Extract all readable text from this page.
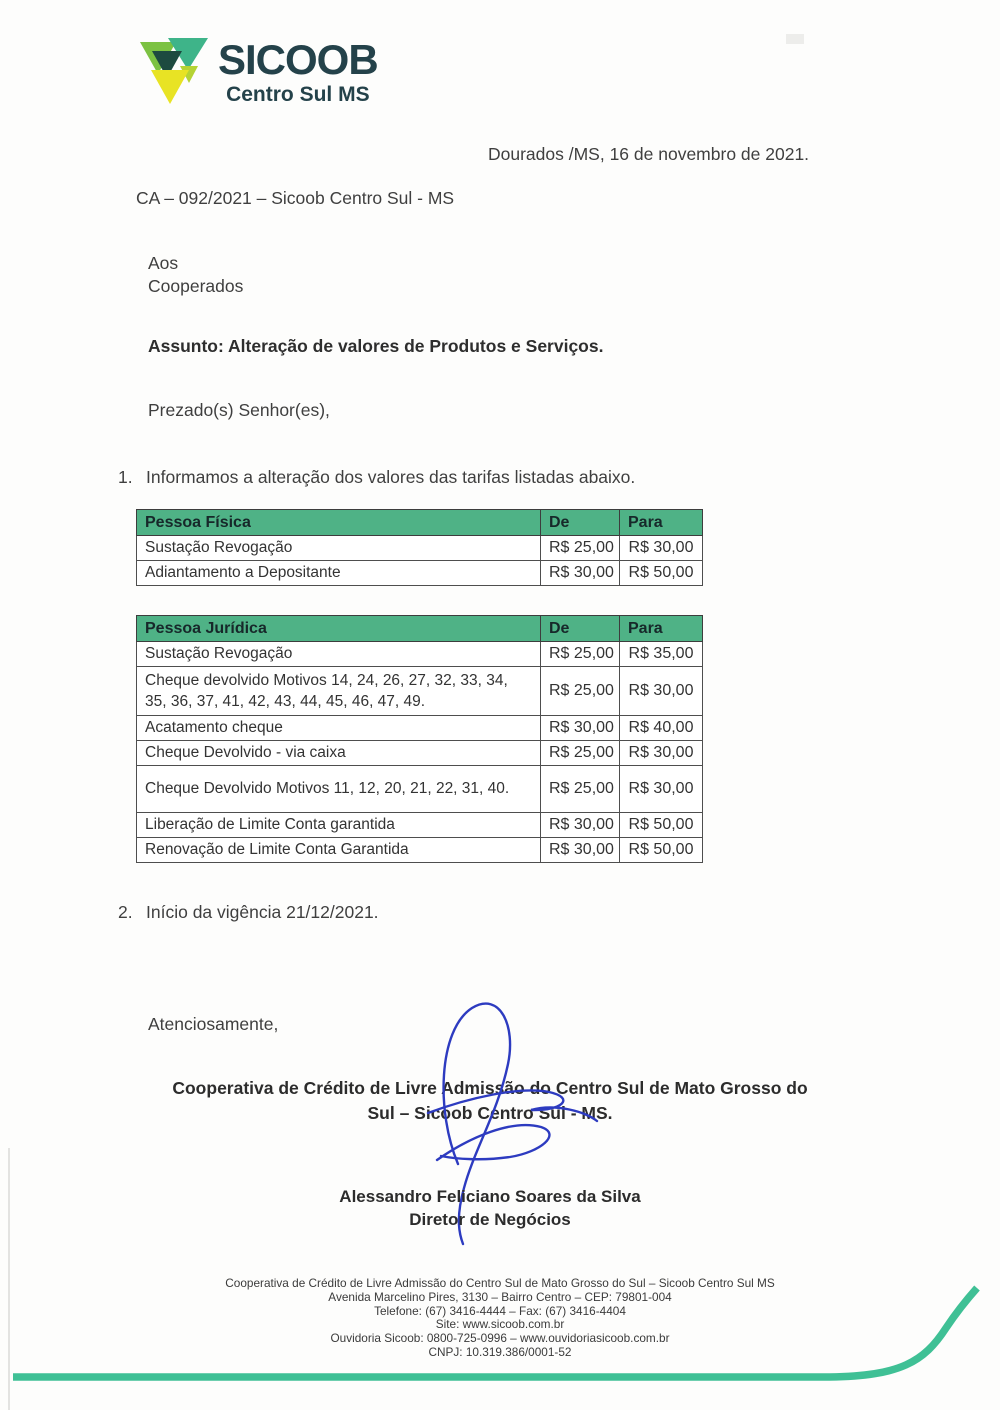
SICOOB
Centro Sul MS
Dourados /MS, 16 de novembro de 2021.
CA – 092/2021 – Sicoob Centro Sul - MS
Aos
Cooperados
Assunto: Alteração de valores de Produtos e Serviços.
Prezado(s) Senhor(es),
1. Informamos a alteração dos valores das tarifas listadas abaixo.
Pessoa Física	De	Para
Sustação Revogação	R$ 25,00	R$ 30,00
Adiantamento a Depositante	R$ 30,00	R$ 50,00
Pessoa Jurídica	De	Para
Sustação Revogação	R$ 25,00	R$ 35,00
Cheque devolvido Motivos 14, 24, 26, 27, 32, 33, 34, 35, 36, 37, 41, 42, 43, 44, 45, 46, 47, 49.	R$ 25,00	R$ 30,00
Acatamento cheque	R$ 30,00	R$ 40,00
Cheque Devolvido - via caixa	R$ 25,00	R$ 30,00
Cheque Devolvido Motivos 11, 12, 20, 21, 22, 31, 40.	R$ 25,00	R$ 30,00
Liberação de Limite Conta garantida	R$ 30,00	R$ 50,00
Renovação de Limite Conta Garantida	R$ 30,00	R$ 50,00
2. Início da vigência 21/12/2021.
Atenciosamente,
Cooperativa de Crédito de Livre Admissão do Centro Sul de Mato Grosso do
Sul – Sicoob Centro Sul - MS.
Alessandro Feliciano Soares da Silva
Diretor de Negócios
Cooperativa de Crédito de Livre Admissão do Centro Sul de Mato Grosso do Sul – Sicoob Centro Sul MS
Avenida Marcelino Pires, 3130 – Bairro Centro – CEP: 79801-004
Telefone: (67) 3416-4444 – Fax: (67) 3416-4404
Site: www.sicoob.com.br
Ouvidoria Sicoob: 0800-725-0996 – www.ouvidoriasicoob.com.br
CNPJ: 10.319.386/0001-52
